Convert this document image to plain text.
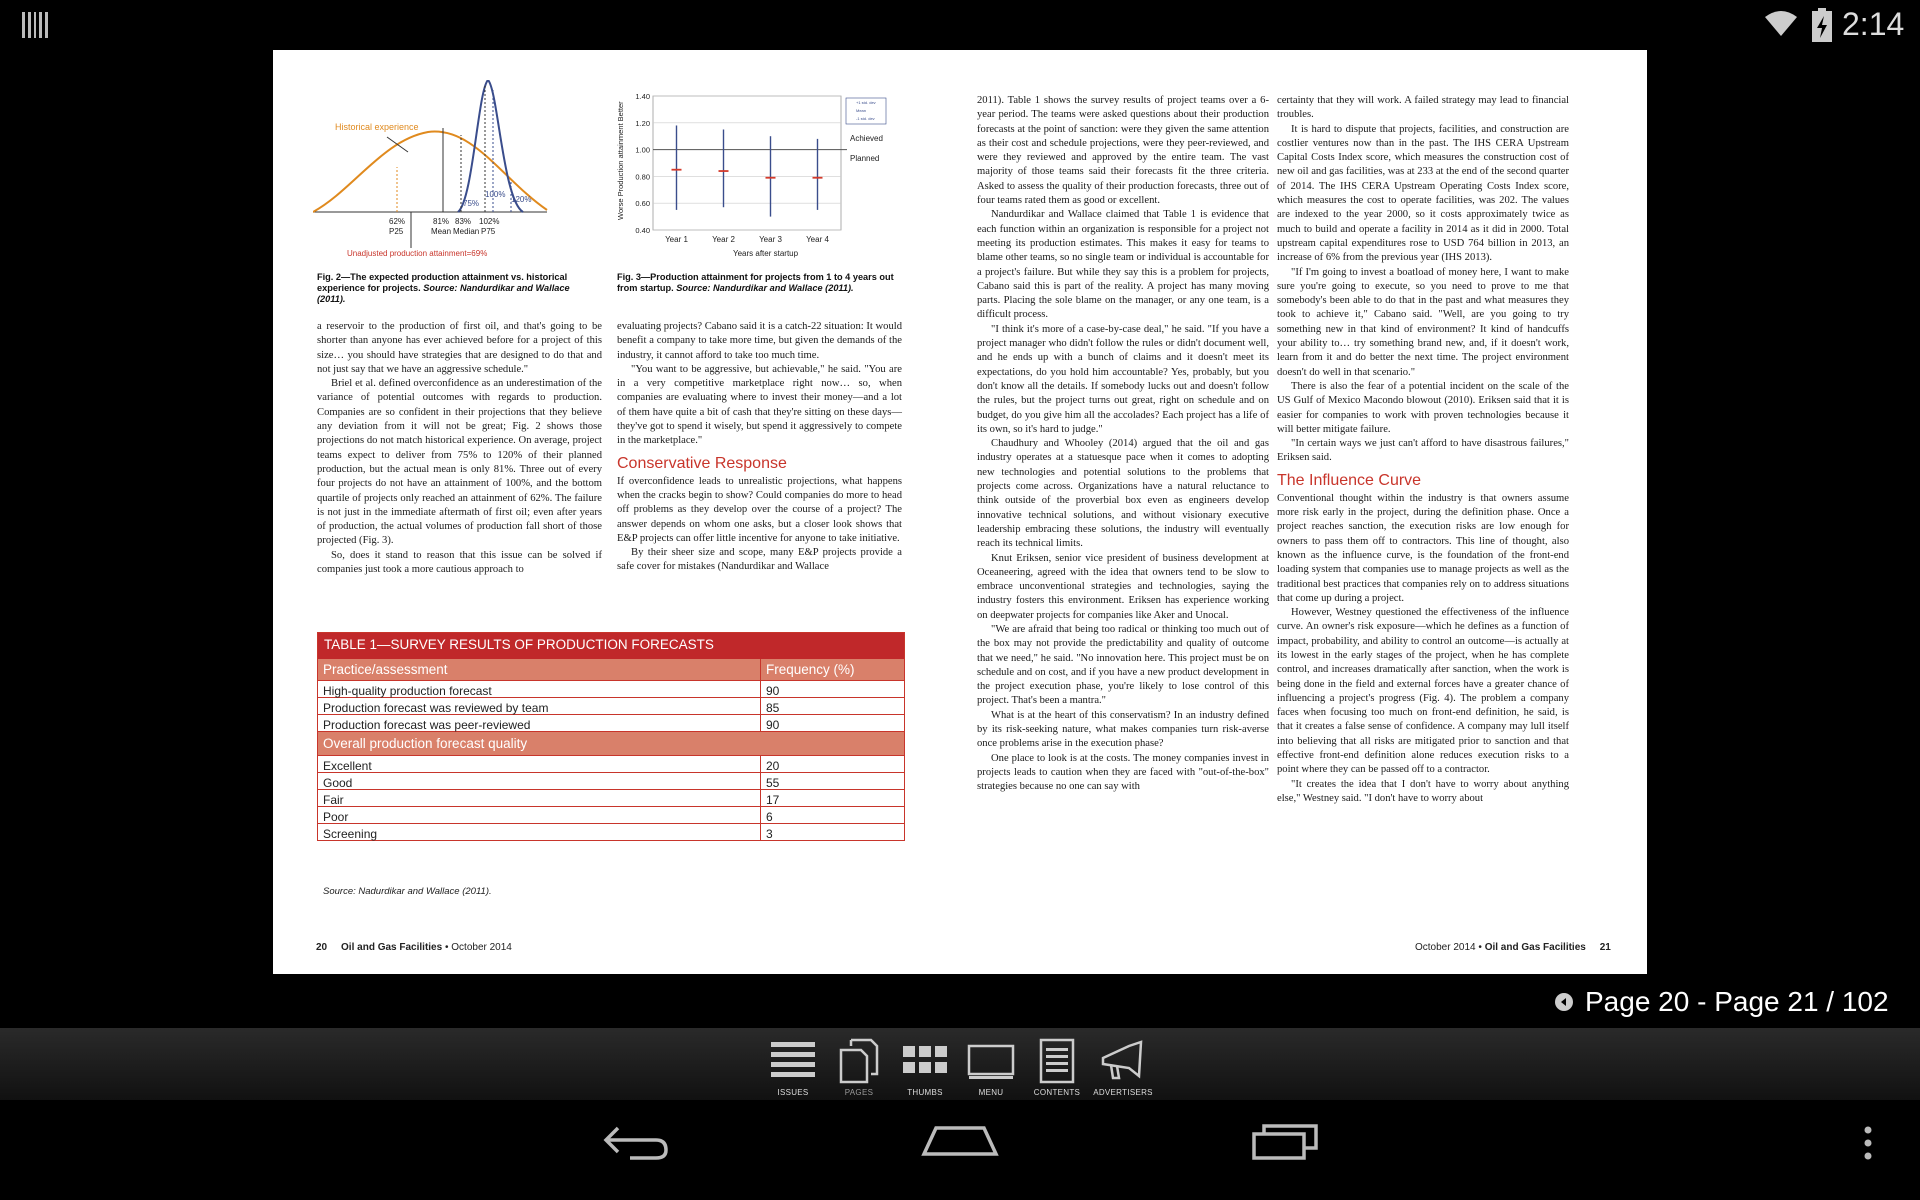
2:14
Historical experience
75%
100%
120%
62%
P25
81%
Mean
83%
Median
102%
P75
Unadjusted production attainment=69%
Fig. 2—The expected production attainment vs. historical experience for projects. Source: Nandurdikar and Wallace (2011).
Worse Production attainment Better
1.40
1.20
1.00
0.80
0.60
0.40
Year 1	Year 2	Year 3	Year 4
Years after startup
Achieved
Planned
+1 std. dev
Mean
-1 std. dev
Fig. 3—Production attainment for projects from 1 to 4 years out from startup. Source: Nandurdikar and Wallace (2011).

a reservoir to the production of first oil, and that's going to be shorter than anyone has ever achieved before for a project of this size… you should have strategies that are designed to do that and not just say that we have an aggressive schedule."

Briel et al. defined overconfidence as an underestimation of the variance of potential outcomes with regards to production. Companies are so confident in their projections that they believe any deviation from it will not be great; Fig. 2 shows those projections do not match historical experience. On average, project teams expect to deliver from 75% to 120% of their planned production, but the actual mean is only 81%. Three out of every four projects do not have an attainment of 100%, and the bottom quartile of projects only reached an attainment of 62%. The failure is not just in the immediate aftermath of first oil; even after years of production, the actual volumes of production fall short of those projected (Fig. 3).

So, does it stand to reason that this issue can be solved if companies just took a more cautious approach to

evaluating projects? Cabano said it is a catch-22 situation: It would benefit a company to take more time, but given the demands of the industry, it cannot afford to take too much time.

"You want to be aggressive, but achievable," he said. "You are in a very competitive marketplace right now… so, when companies are evaluating where to invest their money—and a lot of them have quite a bit of cash that they're sitting on these days—they've got to spend it wisely, but spend it aggressively to compete in the marketplace."

Conservative Response

If overconfidence leads to unrealistic projections, what happens when the cracks begin to show? Could companies do more to head off problems as they develop over the course of a project? The answer depends on whom one asks, but a closer look shows that E&P projects can offer little incentive for anyone to take initiative.

By their sheer size and scope, many E&P projects provide a safe cover for mistakes (Nandurdikar and Wallace

TABLE 1—SURVEY RESULTS OF PRODUCTION FORECASTS
Practice/assessment	Frequency (%)
High-quality production forecast	90
Production forecast was reviewed by team	85
Production forecast was peer-reviewed	90
Overall production forecast quality
Excellent	20
Good	55
Fair	17
Poor	6
Screening	3
Source: Nadurdikar and Wallace (2011).
20 Oil and Gas Facilities • October 2014

2011). Table 1 shows the survey results of project teams over a 6-year period. The teams were asked questions about their production forecasts at the point of sanction: were they given the same attention as their cost and schedule projections, were they peer-reviewed, and were they reviewed and approved by the entire team. The vast majority of those teams said their forecasts fit the three criteria. Asked to assess the quality of their production forecasts, three out of four teams rated them as good or excellent.

Nandurdikar and Wallace claimed that Table 1 is evidence that each function within an organization is responsible for a project not meeting its production estimates. This makes it easy for teams to blame other teams, so no single team or individual is accountable for a project's failure. But while they say this is a problem for projects, Cabano said this is part of the reality. A project has many moving parts. Placing the sole blame on the manager, or any one team, is a difficult process.

"I think it's more of a case-by-case deal," he said. "If you have a project manager who didn't follow the rules or didn't document well, and he ends up with a bunch of claims and it doesn't meet its expectations, do you hold him accountable? Yes, probably, but you don't know all the details. If somebody lucks out and doesn't follow the rules, but the project turns out great, right on schedule and on budget, do you give him all the accolades? Each project has a life of its own, so it's hard to judge."

Chaudhury and Whooley (2014) argued that the oil and gas industry operates at a statuesque pace when it comes to adopting new technologies and potential solutions to the problems that projects come across. Organizations have a natural reluctance to think outside of the proverbial box even as engineers develop innovative technical solutions, and without visionary executive leadership embracing these solutions, the industry will eventually reach its technical limits.

Knut Eriksen, senior vice president of business development at Oceaneering, agreed with the idea that owners tend to be slow to embrace unconventional strategies and technologies, saying the industry fosters this environment. Eriksen has experience working on deepwater projects for companies like Aker and Unocal.

"We are afraid that being too radical or thinking too much out of the box may not provide the predictability and quality of outcome that we need," he said. "No innovation here. This project must be on schedule and on cost, and if you have a new product development in the project execution phase, you're likely to lose control of this project. That's been a mantra."

What is at the heart of this conservatism? In an industry defined by its risk-seeking nature, what makes companies turn risk-averse once problems arise in the execution phase?

One place to look is at the costs. The money companies invest in projects leads to caution when they are faced with "out-of-the-box" strategies because no one can say with

certainty that they will work. A failed strategy may lead to financial troubles.

It is hard to dispute that projects, facilities, and construction are costlier ventures now than in the past. The IHS CERA Upstream Capital Costs Index score, which measures the construction cost of new oil and gas facilities, was at 233 at the end of the second quarter of 2014. The IHS CERA Upstream Operating Costs Index score, which measures the cost to operate facilities, was 202. The values are indexed to the year 2000, so it costs approximately twice as much to build and operate a facility in 2014 as it did in 2000. Total upstream capital expenditures rose to USD 764 billion in 2013, an increase of 6% from the previous year (IHS 2013).

"If I'm going to invest a boatload of money here, I want to make sure you're going to execute, so you need to prove to me that somebody's been able to do that in the past and what measures they took to achieve it," Cabano said. "Well, are you going to try something new in that kind of environment? It kind of handcuffs your ability to… try something brand new, and, if it doesn't work, learn from it and do better the next time. The project environment doesn't do well in that scenario."

There is also the fear of a potential incident on the scale of the US Gulf of Mexico Macondo blowout (2010). Eriksen said that it is easier for companies to work with proven technologies because it will better mitigate failure.

"In certain ways we just can't afford to have disastrous failures," Eriksen said.

The Influence Curve

Conventional thought within the industry is that owners assume more risk early in the project, during the definition phase. Once a project reaches sanction, the execution risks are low enough for owners to pass them off to contractors. This line of thought, also known as the influence curve, is the foundation of the front-end loading system that companies use to manage projects as well as the traditional best practices that companies rely on to address situations that come up during a project.

However, Westney questioned the effectiveness of the influence curve. An owner's risk exposure—which he defines as a function of impact, probability, and ability to control an outcome—is actually at its lowest in the early stages of the project, when he has complete control, and increases dramatically after sanction, when the work is being done in the field and external forces have a greater chance of influencing a project's progress (Fig. 4). The problem a company faces when focusing too much on front-end definition, he said, is that it creates a false sense of confidence. A company may lull itself into believing that all risks are mitigated prior to sanction and that effective front-end definition alone reduces execution risks to a point where they can be passed off to a contractor.

"It creates the idea that I don't have to worry about anything else," Westney said. "I don't have to worry about

October 2014 • Oil and Gas Facilities 21
Page 20 - Page 21 / 102
ISSUES	PAGES	THUMBS	MENU	CONTENTS ADVERTISERS
